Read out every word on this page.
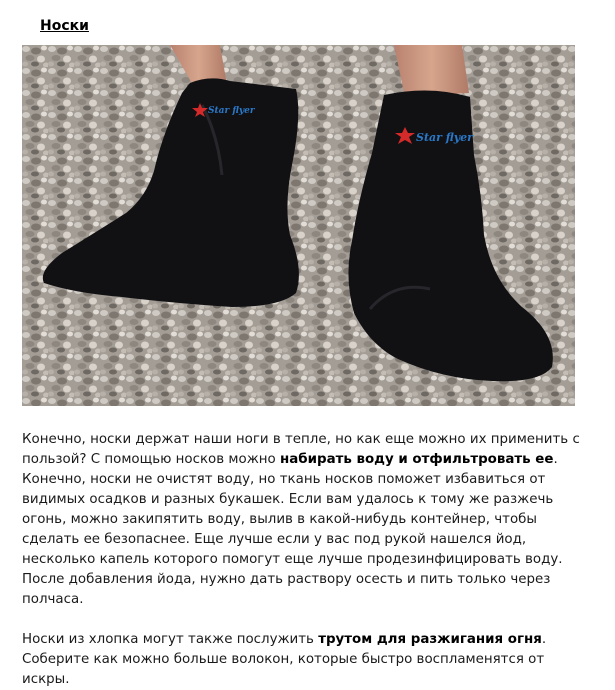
Носки
Star flyer
Star flyer

Конечно, носки держат наши ноги в тепле, но как еще можно их применить с пользой? С помощью носков можно набирать воду и отфильтровать ее. Конечно, носки не очистят воду, но ткань носков поможет избавиться от видимых осадков и разных букашек. Если вам удалось к тому же разжечь огонь, можно закипятить воду, вылив в какой-нибудь контейнер, чтобы сделать ее безопаснее. Еще лучше если у вас под рукой нашелся йод, несколько капель которого помогут еще лучше продезинфицировать воду. После добавления йода, нужно дать раствору осесть и пить только через полчаса.

Носки из хлопка могут также послужить трутом для разжигания огня. Соберите как можно больше волокон, которые быстро воспламенятся от искры.
